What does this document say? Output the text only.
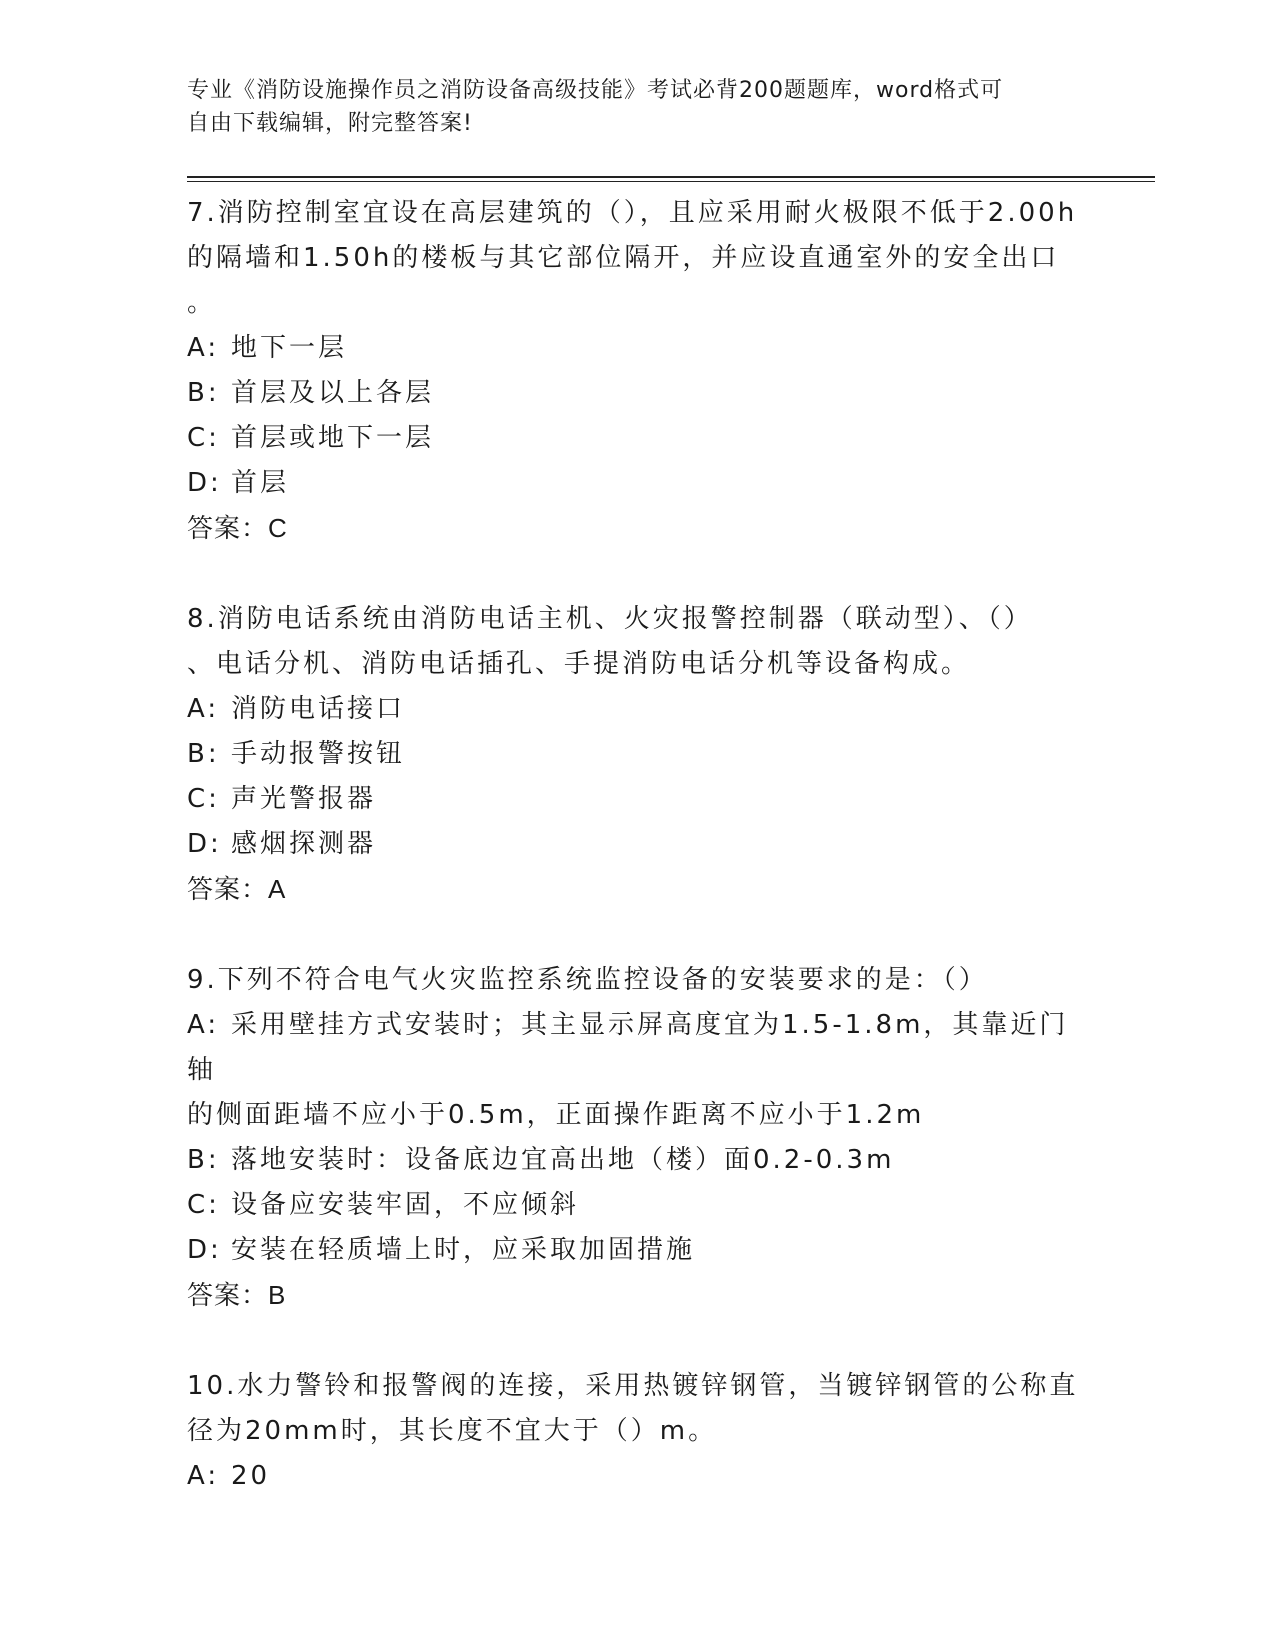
专业《消防设施操作员之消防设备高级技能》考试必背200题题库，word格式可
自由下载编辑，附完整答案!
7.消防控制室宜设在高层建筑的（），且应采用耐火极限不低于2.00h
的隔墙和1.50h的楼板与其它部位隔开，并应设直通室外的安全出口
。
A: 地下一层
B: 首层及以上各层
C: 首层或地下一层
D: 首层
答案：C
8.消防电话系统由消防电话主机、火灾报警控制器（联动型）、（）
、电话分机、消防电话插孔、手提消防电话分机等设备构成。
A: 消防电话接口
B: 手动报警按钮
C: 声光警报器
D: 感烟探测器
答案：A
9.下列不符合电气火灾监控系统监控设备的安装要求的是：（）
A: 采用壁挂方式安装时；其主显示屏高度宜为1.5-1.8m，其靠近门轴
的侧面距墙不应小于0.5m，正面操作距离不应小于1.2m
B: 落地安装时：设备底边宜高出地（楼）面0.2-0.3m
C: 设备应安装牢固，不应倾斜
D: 安装在轻质墙上时，应采取加固措施
答案：B
10.水力警铃和报警阀的连接，采用热镀锌钢管，当镀锌钢管的公称直
径为20mm时，其长度不宜大于（）m。
A: 20
